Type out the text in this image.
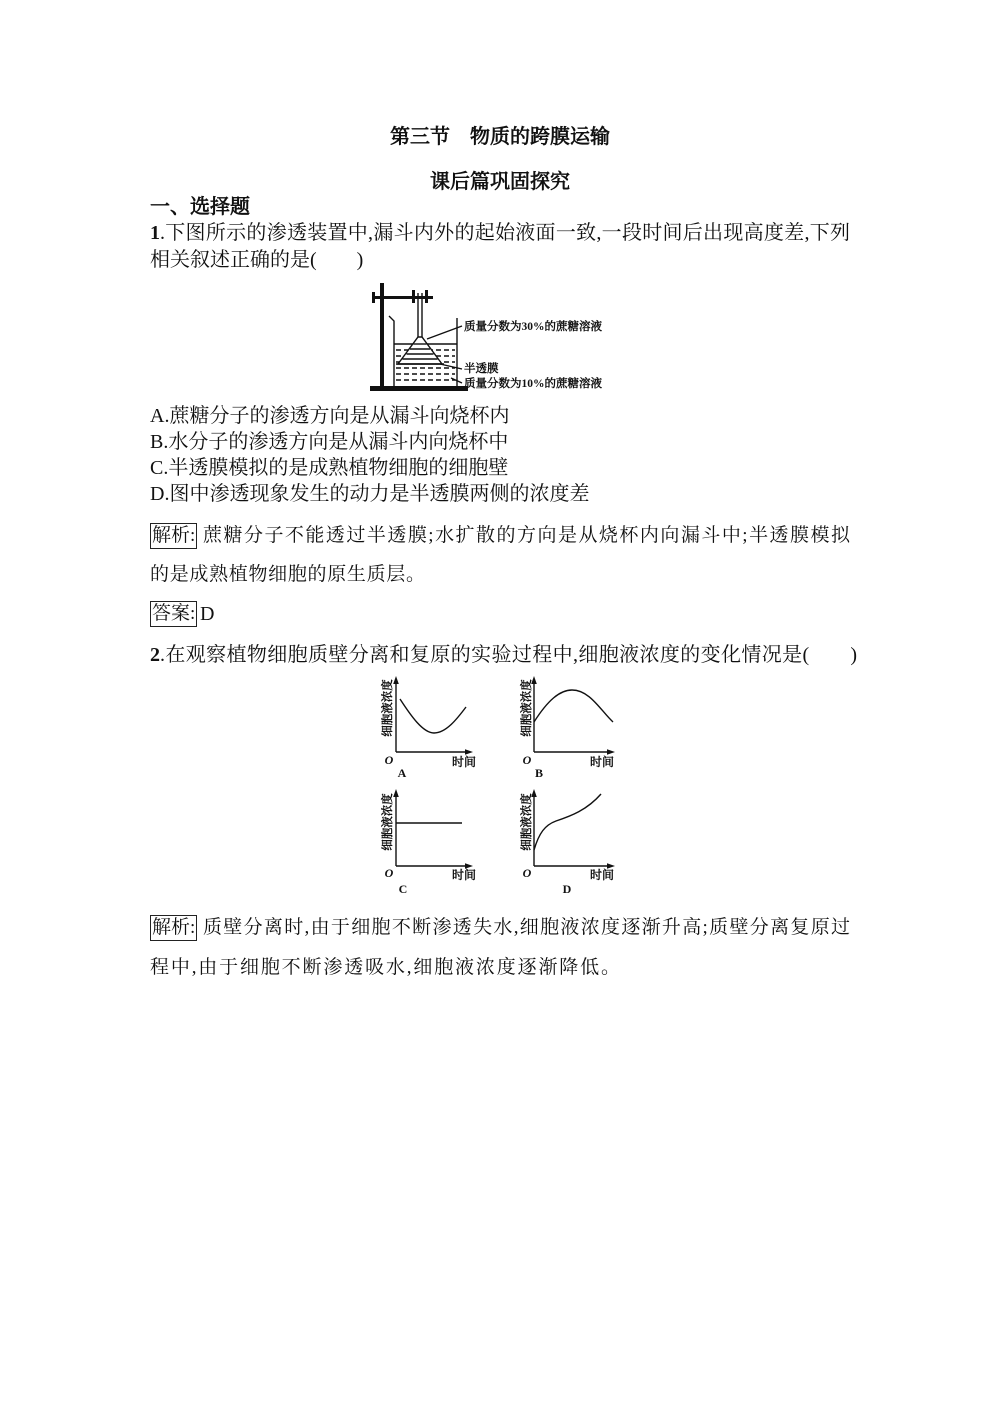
第三节　物质的跨膜运输
课后篇巩固探究
一、选择题
1.下图所示的渗透装置中,漏斗内外的起始液面一致,一段时间后出现高度差,下列
相关叙述正确的是(　　)
质量分数为30%的蔗糖溶液
半透膜
质量分数为10%的蔗糖溶液
A.蔗糖分子的渗透方向是从漏斗向烧杯内
B.水分子的渗透方向是从漏斗内向烧杯中
C.半透膜模拟的是成熟植物细胞的细胞壁
D.图中渗透现象发生的动力是半透膜两侧的浓度差
解析: 蔗糖分子不能透过半透膜;水扩散的方向是从烧杯内向漏斗中;半透膜模拟
的是成熟植物细胞的原生质层。
答案: D
2.在观察植物细胞质壁分离和复原的实验过程中,细胞液浓度的变化情况是(　　)
细胞液浓度
O	时间
A
细胞液浓度
O	时间
B
细胞液浓度
O	时间
C
细胞液浓度
O	时间
D
解析: 质壁分离时,由于细胞不断渗透失水,细胞液浓度逐渐升高;质壁分离复原过
程中,由于细胞不断渗透吸水,细胞液浓度逐渐降低。
